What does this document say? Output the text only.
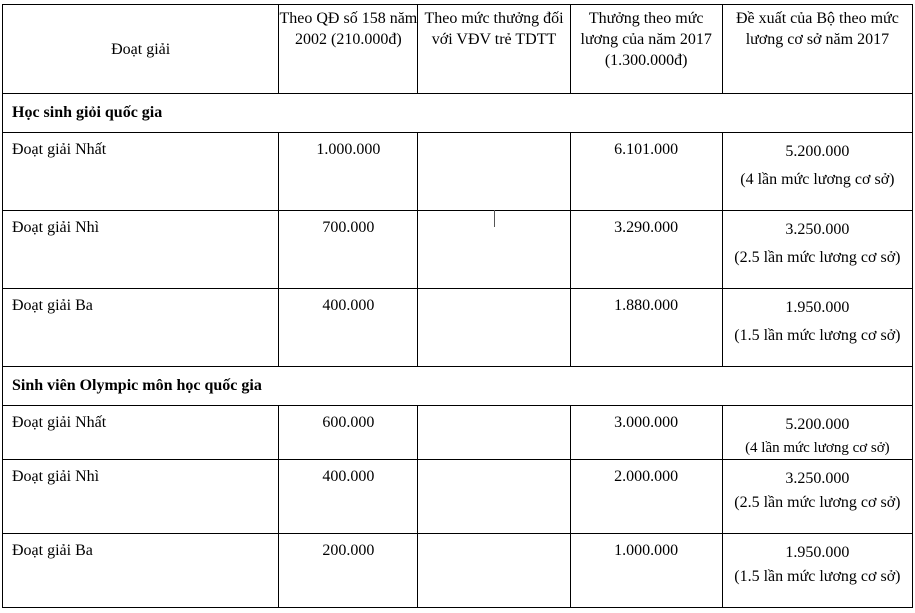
Đoạt giải	Theo QĐ số 158 năm 2002 (210.000đ)	Theo mức thưởng đối với VĐV trẻ TDTT	Thưởng theo mức lương của năm 2017 (1.300.000đ)	Đề xuất của Bộ theo mức lương cơ sở năm 2017
Học sinh giỏi quốc gia				
Đoạt giải Nhất	1.000.000		6.101.000	5.200.000
(4 lần mức lương cơ sở)

Đoạt giải Nhì	700.000		3.290.000	3.250.000
(2.5 lần mức lương cơ sở)

Đoạt giải Ba	400.000		1.880.000	1.950.000
(1.5 lần mức lương cơ sở)

Sinh viên Olympic môn học quốc gia				
Đoạt giải Nhất	600.000		3.000.000	5.200.000
(4 lần mức lương cơ sở)

Đoạt giải Nhì	400.000		2.000.000	3.250.000
(2.5 lần mức lương cơ sở)

Đoạt giải Ba	200.000		1.000.000	1.950.000
(1.5 lần mức lương cơ sở)
